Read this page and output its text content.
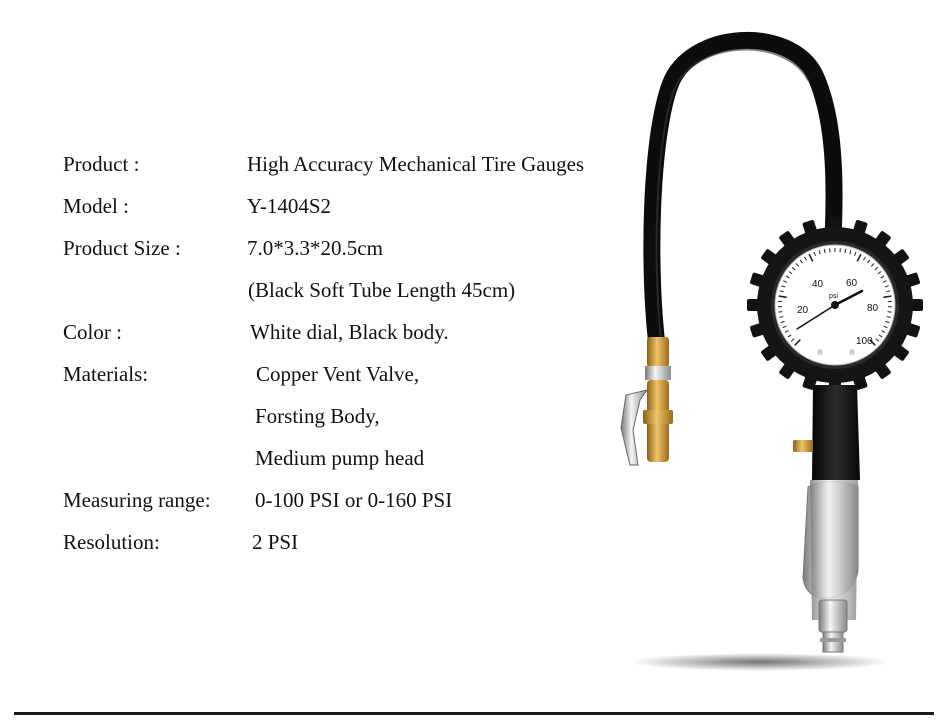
Product :	High Accuracy Mechanical Tire Gauges
Model :	Y-1404S2
Product Size :	7.0*3.3*20.5cm
(Black Soft Tube Length 45cm)
Color :	White dial, Black body.
Materials:	Copper Vent Valve,
Forsting Body,
Medium pump head
Measuring range: 0-100 PSI or 0-160 PSI
Resolution:	2 PSI
20
40 60
80
100
psi
